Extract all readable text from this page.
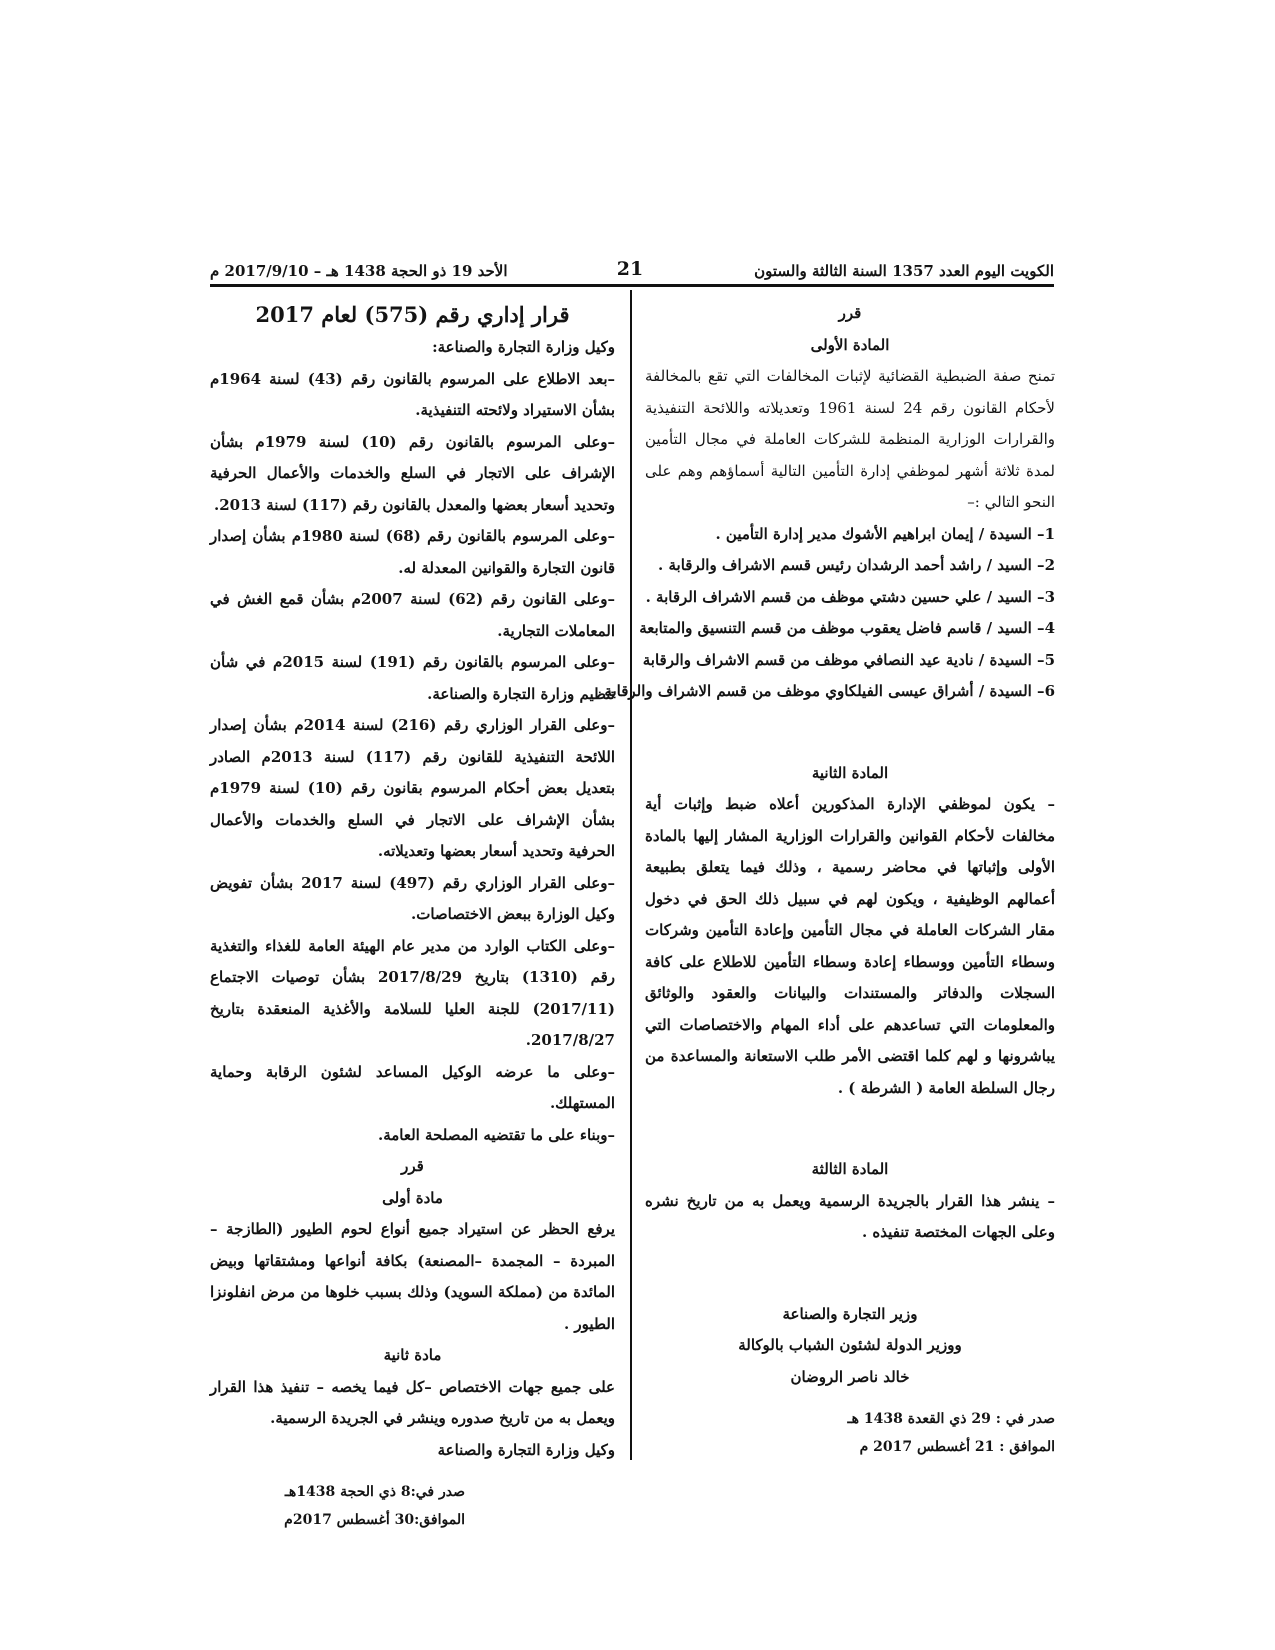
الكويت اليوم العدد 1357 السنة الثالثة والستون
21
الأحد 19 ذو الحجة 1438 هـ – 2017/9/10 م

قرر

المادة الأولى

تمنح صفة الضبطية القضائية لإثبات المخالفات التي تقع بالمخالفة لأحكام القانون رقم 24 لسنة 1961 وتعديلاته واللائحة التنفيذية والقرارات الوزارية المنظمة للشركات العاملة في مجال التأمين لمدة ثلاثة أشهر لموظفي إدارة التأمين التالية أسماؤهم وهم على النحو التالي :–

1– السيدة / إيمان ابراهيم الأشوك مدير إدارة التأمين .

2– السيد / راشد أحمد الرشدان رئيس قسم الاشراف والرقابة .

3– السيد / علي حسين دشتي موظف من قسم الاشراف الرقابة .

4– السيد / قاسم فاضل يعقوب موظف من قسم التنسيق والمتابعة

5– السيدة / نادية عيد النصافي موظف من قسم الاشراف والرقابة

6– السيدة / أشراق عيسى الفيلكاوي موظف من قسم الاشراف والرقابة

المادة الثانية

– يكون لموظفي الإدارة المذكورين أعلاه ضبط وإثبات أية مخالفات لأحكام القوانين والقرارات الوزارية المشار إليها بالمادة الأولى وإثباتها في محاضر رسمية ، وذلك فيما يتعلق بطبيعة أعمالهم الوظيفية ، ويكون لهم في سبيل ذلك الحق في دخول مقار الشركات العاملة في مجال التأمين وإعادة التأمين وشركات وسطاء التأمين ووسطاء إعادة وسطاء التأمين للاطلاع على كافة السجلات والدفاتر والمستندات والبيانات والعقود والوثائق والمعلومات التي تساعدهم على أداء المهام والاختصاصات التي يباشرونها و لهم كلما اقتضى الأمر طلب الاستعانة والمساعدة من رجال السلطة العامة ( الشرطة ) .

المادة الثالثة

– ينشر هذا القرار بالجريدة الرسمية ويعمل به من تاريخ نشره وعلى الجهات المختصة تنفيذه .

وزير التجارة والصناعة

ووزير الدولة لشئون الشباب بالوكالة

خالد ناصر الروضان

صدر في : 29 ذي القعدة 1438 هـ

الموافق : 21 أغسطس 2017 م

قرار إداري رقم (575) لعام 2017

وكيل وزارة التجارة والصناعة:

–بعد الاطلاع على المرسوم بالقانون رقم (43) لسنة 1964م بشأن الاستيراد ولائحته التنفيذية.

–وعلى المرسوم بالقانون رقم (10) لسنة 1979م بشأن الإشراف على الاتجار في السلع والخدمات والأعمال الحرفية وتحديد أسعار بعضها والمعدل بالقانون رقم (117) لسنة 2013.

–وعلى المرسوم بالقانون رقم (68) لسنة 1980م بشأن إصدار قانون التجارة والقوانين المعدلة له.

–وعلى القانون رقم (62) لسنة 2007م بشأن قمع الغش في المعاملات التجارية.

–وعلى المرسوم بالقانون رقم (191) لسنة 2015م في شأن تنظيم وزارة التجارة والصناعة.

–وعلى القرار الوزاري رقم (216) لسنة 2014م بشأن إصدار اللائحة التنفيذية للقانون رقم (117) لسنة 2013م الصادر بتعديل بعض أحكام المرسوم بقانون رقم (10) لسنة 1979م بشأن الإشراف على الاتجار في السلع والخدمات والأعمال الحرفية وتحديد أسعار بعضها وتعديلاته.

–وعلى القرار الوزاري رقم (497) لسنة 2017 بشأن تفويض وكيل الوزارة ببعض الاختصاصات.

–وعلى الكتاب الوارد من مدير عام الهيئة العامة للغذاء والتغذية رقم (1310) بتاريخ 2017/8/29 بشأن توصيات الاجتماع (2017/11) للجنة العليا للسلامة والأغذية المنعقدة بتاريخ 2017/8/27.

–وعلى ما عرضه الوكيل المساعد لشئون الرقابة وحماية المستهلك.

–وبناء على ما تقتضيه المصلحة العامة.

قرر

مادة أولى

يرفع الحظر عن استيراد جميع أنواع لحوم الطيور (الطازجة –المبردة – المجمدة –المصنعة) بكافة أنواعها ومشتقاتها وبيض المائدة من (مملكة السويد) وذلك بسبب خلوها من مرض انفلونزا الطيور .

مادة ثانية

على جميع جهات الاختصاص –كل فيما يخصه – تنفيذ هذا القرار ويعمل به من تاريخ صدوره وينشر في الجريدة الرسمية.

وكيل وزارة التجارة والصناعة

صدر في:8 ذي الحجة 1438هـ

الموافق:30 أغسطس 2017م
